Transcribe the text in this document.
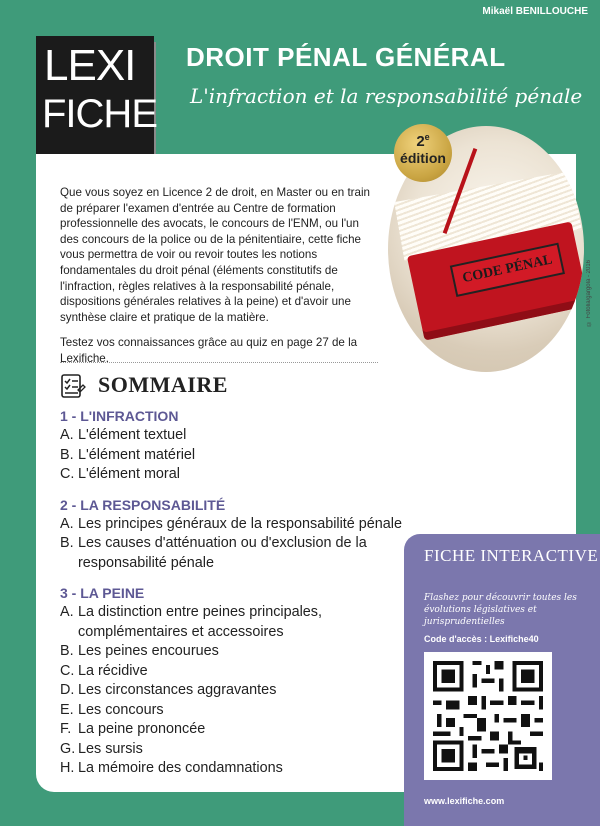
Mikaël BENILLOUCHE
LEXI
FICHE
DROIT PÉNAL GÉNÉRAL
L'infraction et la responsabilité pénale
CODE PÉNAL	© Fotolia/gargola - 2016
2e
édition

Que vous soyez en Licence 2 de droit, en Master ou en train de préparer l'examen d'entrée au Centre de formation professionnelle des avocats, le concours de l'ENM, ou l'un des concours de la police ou de la pénitentiaire, cette fiche vous permettra de voir ou revoir toutes les notions fondamentales du droit pénal (éléments constitutifs de l'infraction, règles relatives à la responsabilité pénale, dispositions générales relatives à la peine) et d'avoir une synthèse claire et pratique de la matière.

Testez vos connaissances grâce au quiz en page 27 de la Lexifiche.

SOMMAIRE
1 - L'INFRACTION
A. L'élément textuel
B. L'élément matériel
C. L'élément moral
2 - LA RESPONSABILITÉ
A. Les principes généraux de la responsabilité pénale
B. Les causes d'atténuation ou d'exclusion de la responsabilité pénale
3 - LA PEINE
A. La distinction entre peines principales, complémentaires et accessoires
B. Les peines encourues
C. La récidive
D. Les circonstances aggravantes
E. Les concours
F. La peine prononcée
G. Les sursis
H. La mémoire des condamnations
FICHE INTERACTIVE
Flashez pour découvrir toutes les évolutions législatives et jurisprudentielles
Code d'accès : Lexifiche40
www.lexifiche.com
